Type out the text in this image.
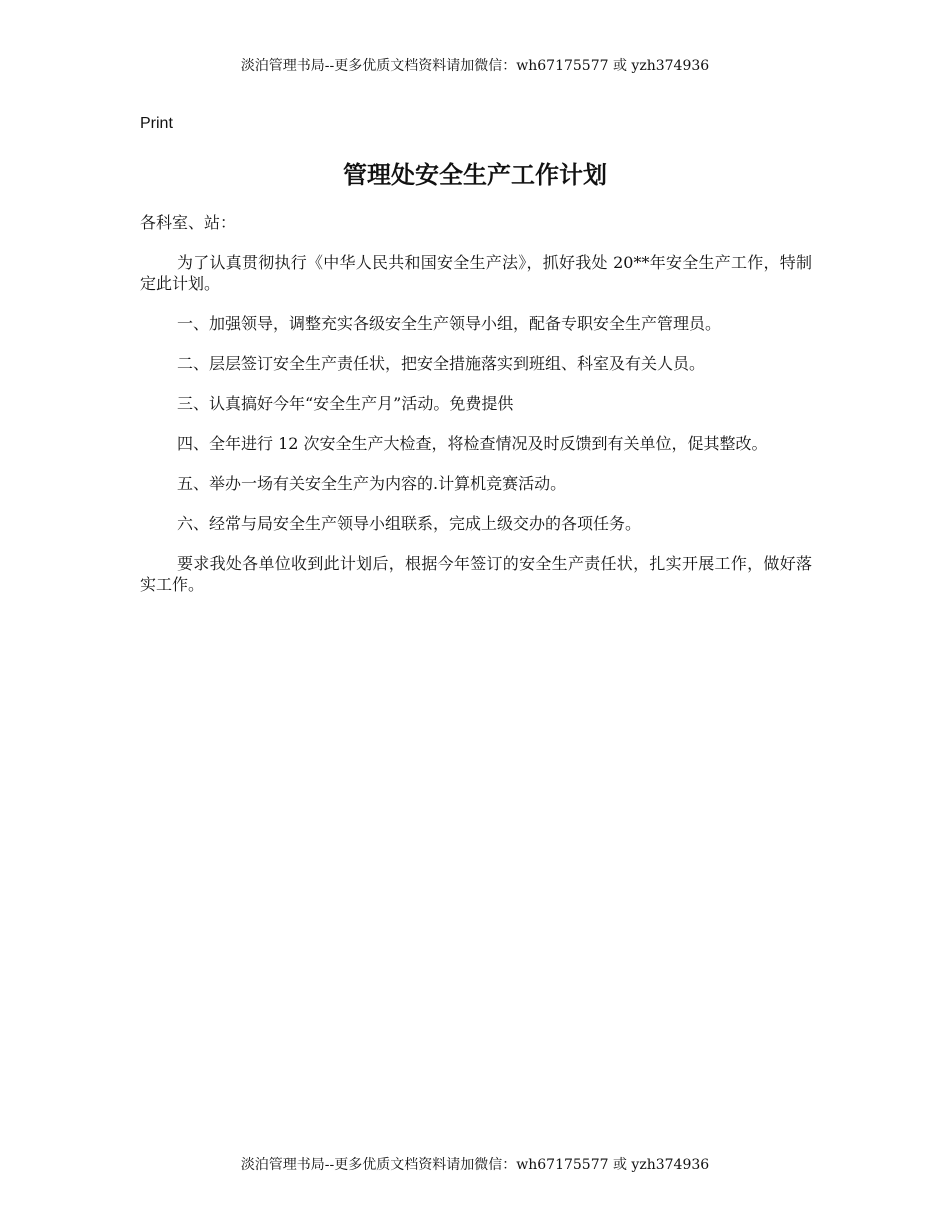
淡泊管理书局--更多优质文档资料请加微信：wh67175577 或 yzh374936
Print
管理处安全生产工作计划

各科室、站：

为了认真贯彻执行《中华人民共和国安全生产法》，抓好我处 20**年安全生产工作，特制定此计划。

一、加强领导，调整充实各级安全生产领导小组，配备专职安全生产管理员。

二、层层签订安全生产责任状，把安全措施落实到班组、科室及有关人员。

三、认真搞好今年“安全生产月”活动。免费提供

四、全年进行 12 次安全生产大检查，将检查情况及时反馈到有关单位，促其整改。

五、举办一场有关安全生产为内容的.计算机竞赛活动。

六、经常与局安全生产领导小组联系，完成上级交办的各项任务。

要求我处各单位收到此计划后，根据今年签订的安全生产责任状，扎实开展工作，做好落实工作。

淡泊管理书局--更多优质文档资料请加微信：wh67175577 或 yzh374936
